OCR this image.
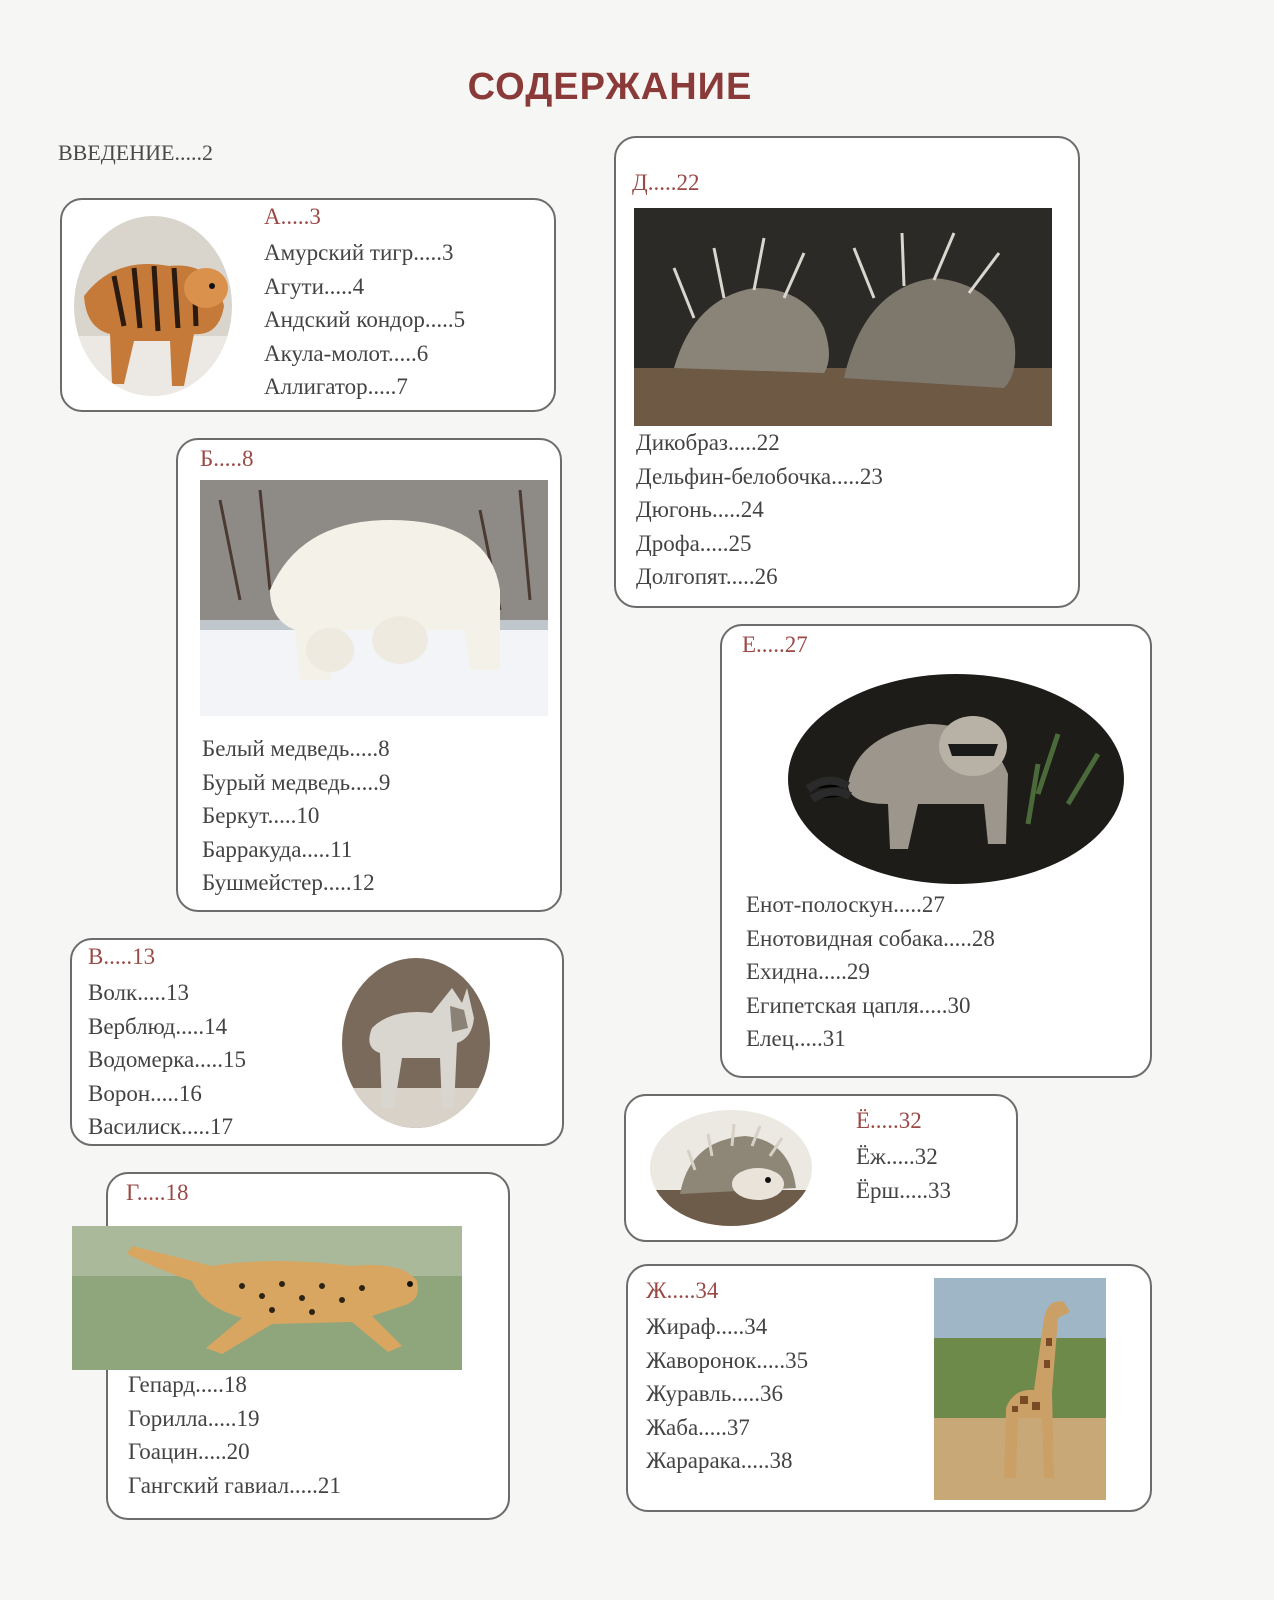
СОДЕРЖАНИЕ
ВВЕДЕНИЕ.....2
А.....3
Амурский тигр.....3
Агути.....4
Андский кондор.....5
Акула-молот.....6
Аллигатор.....7
Б.....8
Белый медведь.....8
Бурый медведь.....9
Беркут.....10
Барракуда.....11
Бушмейстер.....12
В.....13
Волк.....13
Верблюд.....14
Водомерка.....15
Ворон.....16
Василиск.....17
Г.....18
Гепард.....18
Горилла.....19
Гоацин.....20
Гангский гавиал.....21
Д.....22
Дикобраз.....22
Дельфин-белобочка.....23
Дюгонь.....24
Дрофа.....25
Долгопят.....26
Е.....27
Енот-полоскун.....27
Енотовидная собака.....28
Ехидна.....29
Египетская цапля.....30
Елец.....31
Ё.....32
Ёж.....32
Ёрш.....33
Ж.....34
Жираф.....34
Жаворонок.....35
Журавль.....36
Жаба.....37
Жарарака.....38
